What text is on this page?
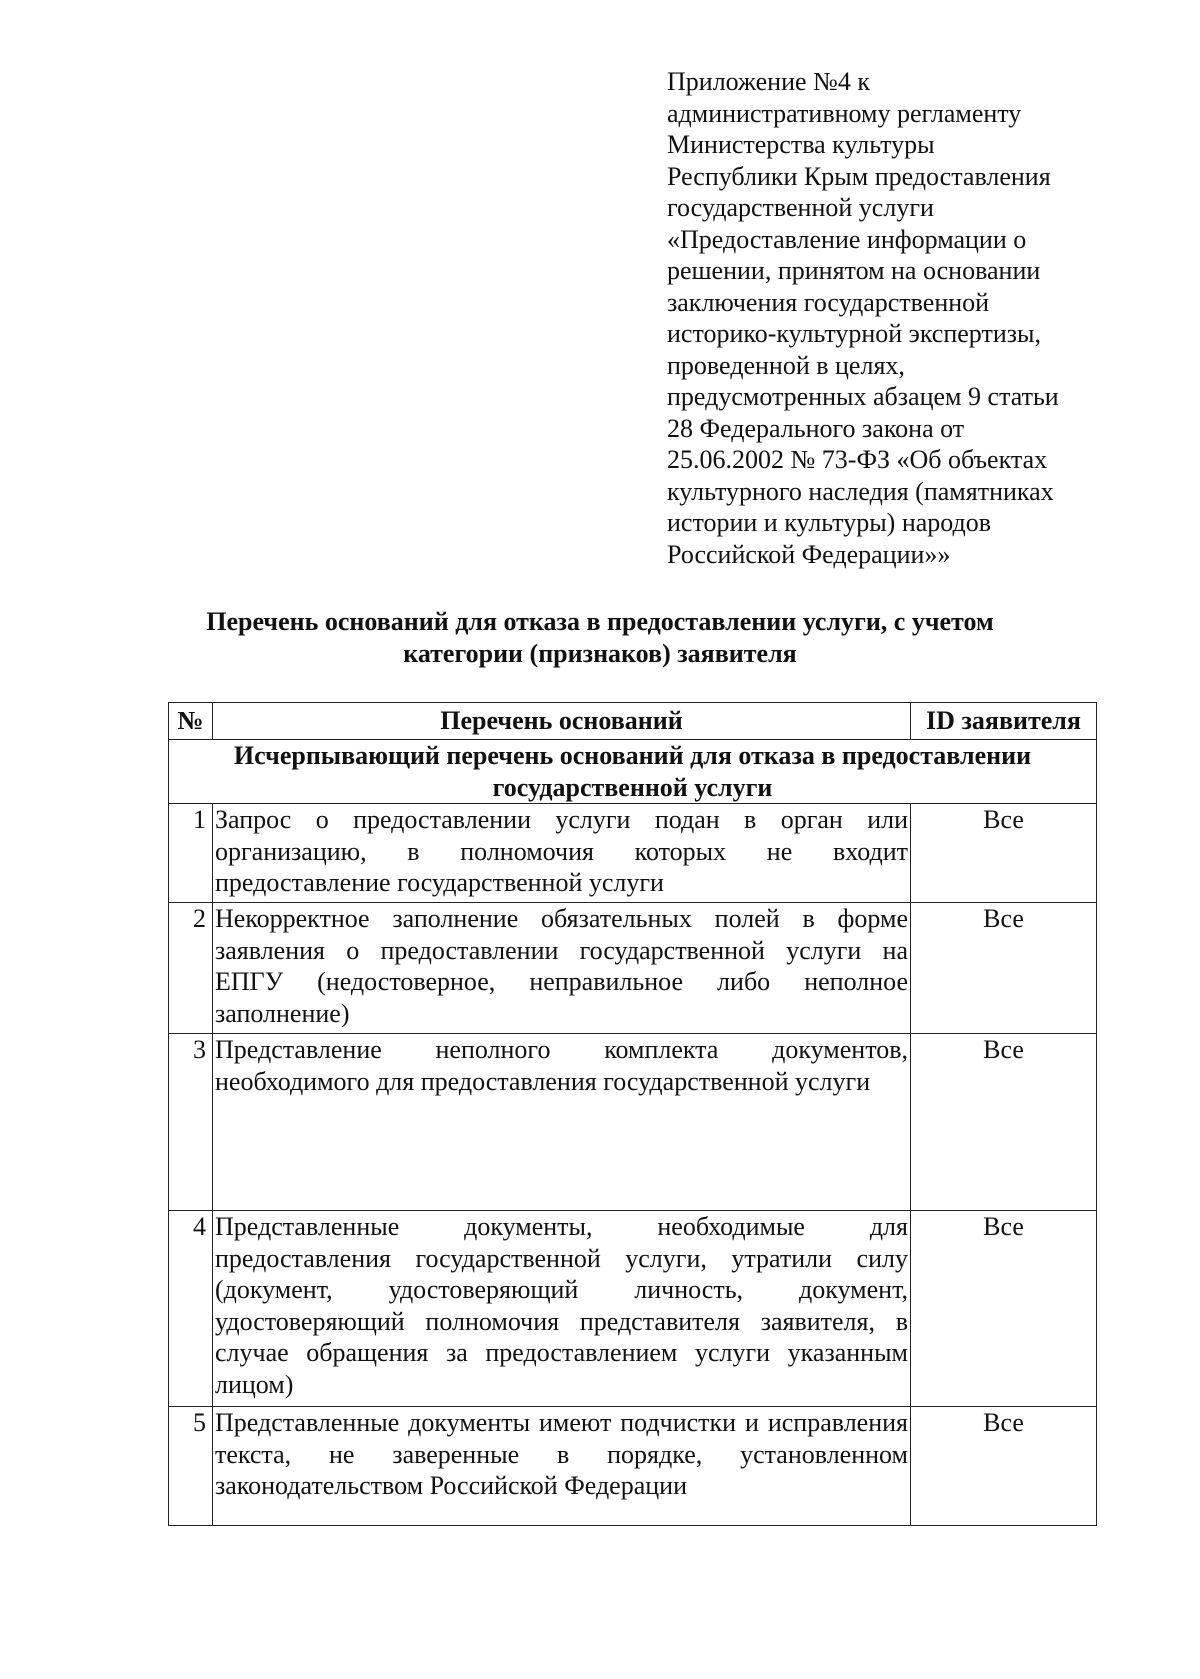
Приложение №4 к
административному регламенту
Министерства культуры
Республики Крым предоставления
государственной услуги
«Предоставление информации о
решении, принятом на основании
заключения государственной
историко-культурной экспертизы,
проведенной в целях,
предусмотренных абзацем 9 статьи
28 Федерального закона от
25.06.2002 № 73-ФЗ «Об объектах
культурного наследия (памятниках
истории и культуры) народов
Российской Федерации»»
Перечень оснований для отказа в предоставлении услуги, с учетом
категории (признаков) заявителя
№	Перечень оснований	ID заявителя
Исчерпывающий перечень оснований для отказа в предоставлении
государственной услуги		
1	Запрос о предоставлении услуги подан в орган или организацию, в полномочия которых не входит предоставление государственной услуги	Все
2	Некорректное заполнение обязательных полей в форме заявления о предоставлении государственной услуги на ЕПГУ (недостоверное, неправильное либо неполное заполнение)	Все
3	Представление неполного комплекта документов, необходимого для предоставления государственной услуги	Все
4	Представленные документы, необходимые для предоставления государственной услуги, утратили силу (документ, удостоверяющий личность, документ, удостоверяющий полномочия представителя заявителя, в случае обращения за предоставлением услуги указанным лицом)	Все
5	Представленные документы имеют подчистки и исправления текста, не заверенные в порядке, установленном законодательством Российской Федерации	Все
